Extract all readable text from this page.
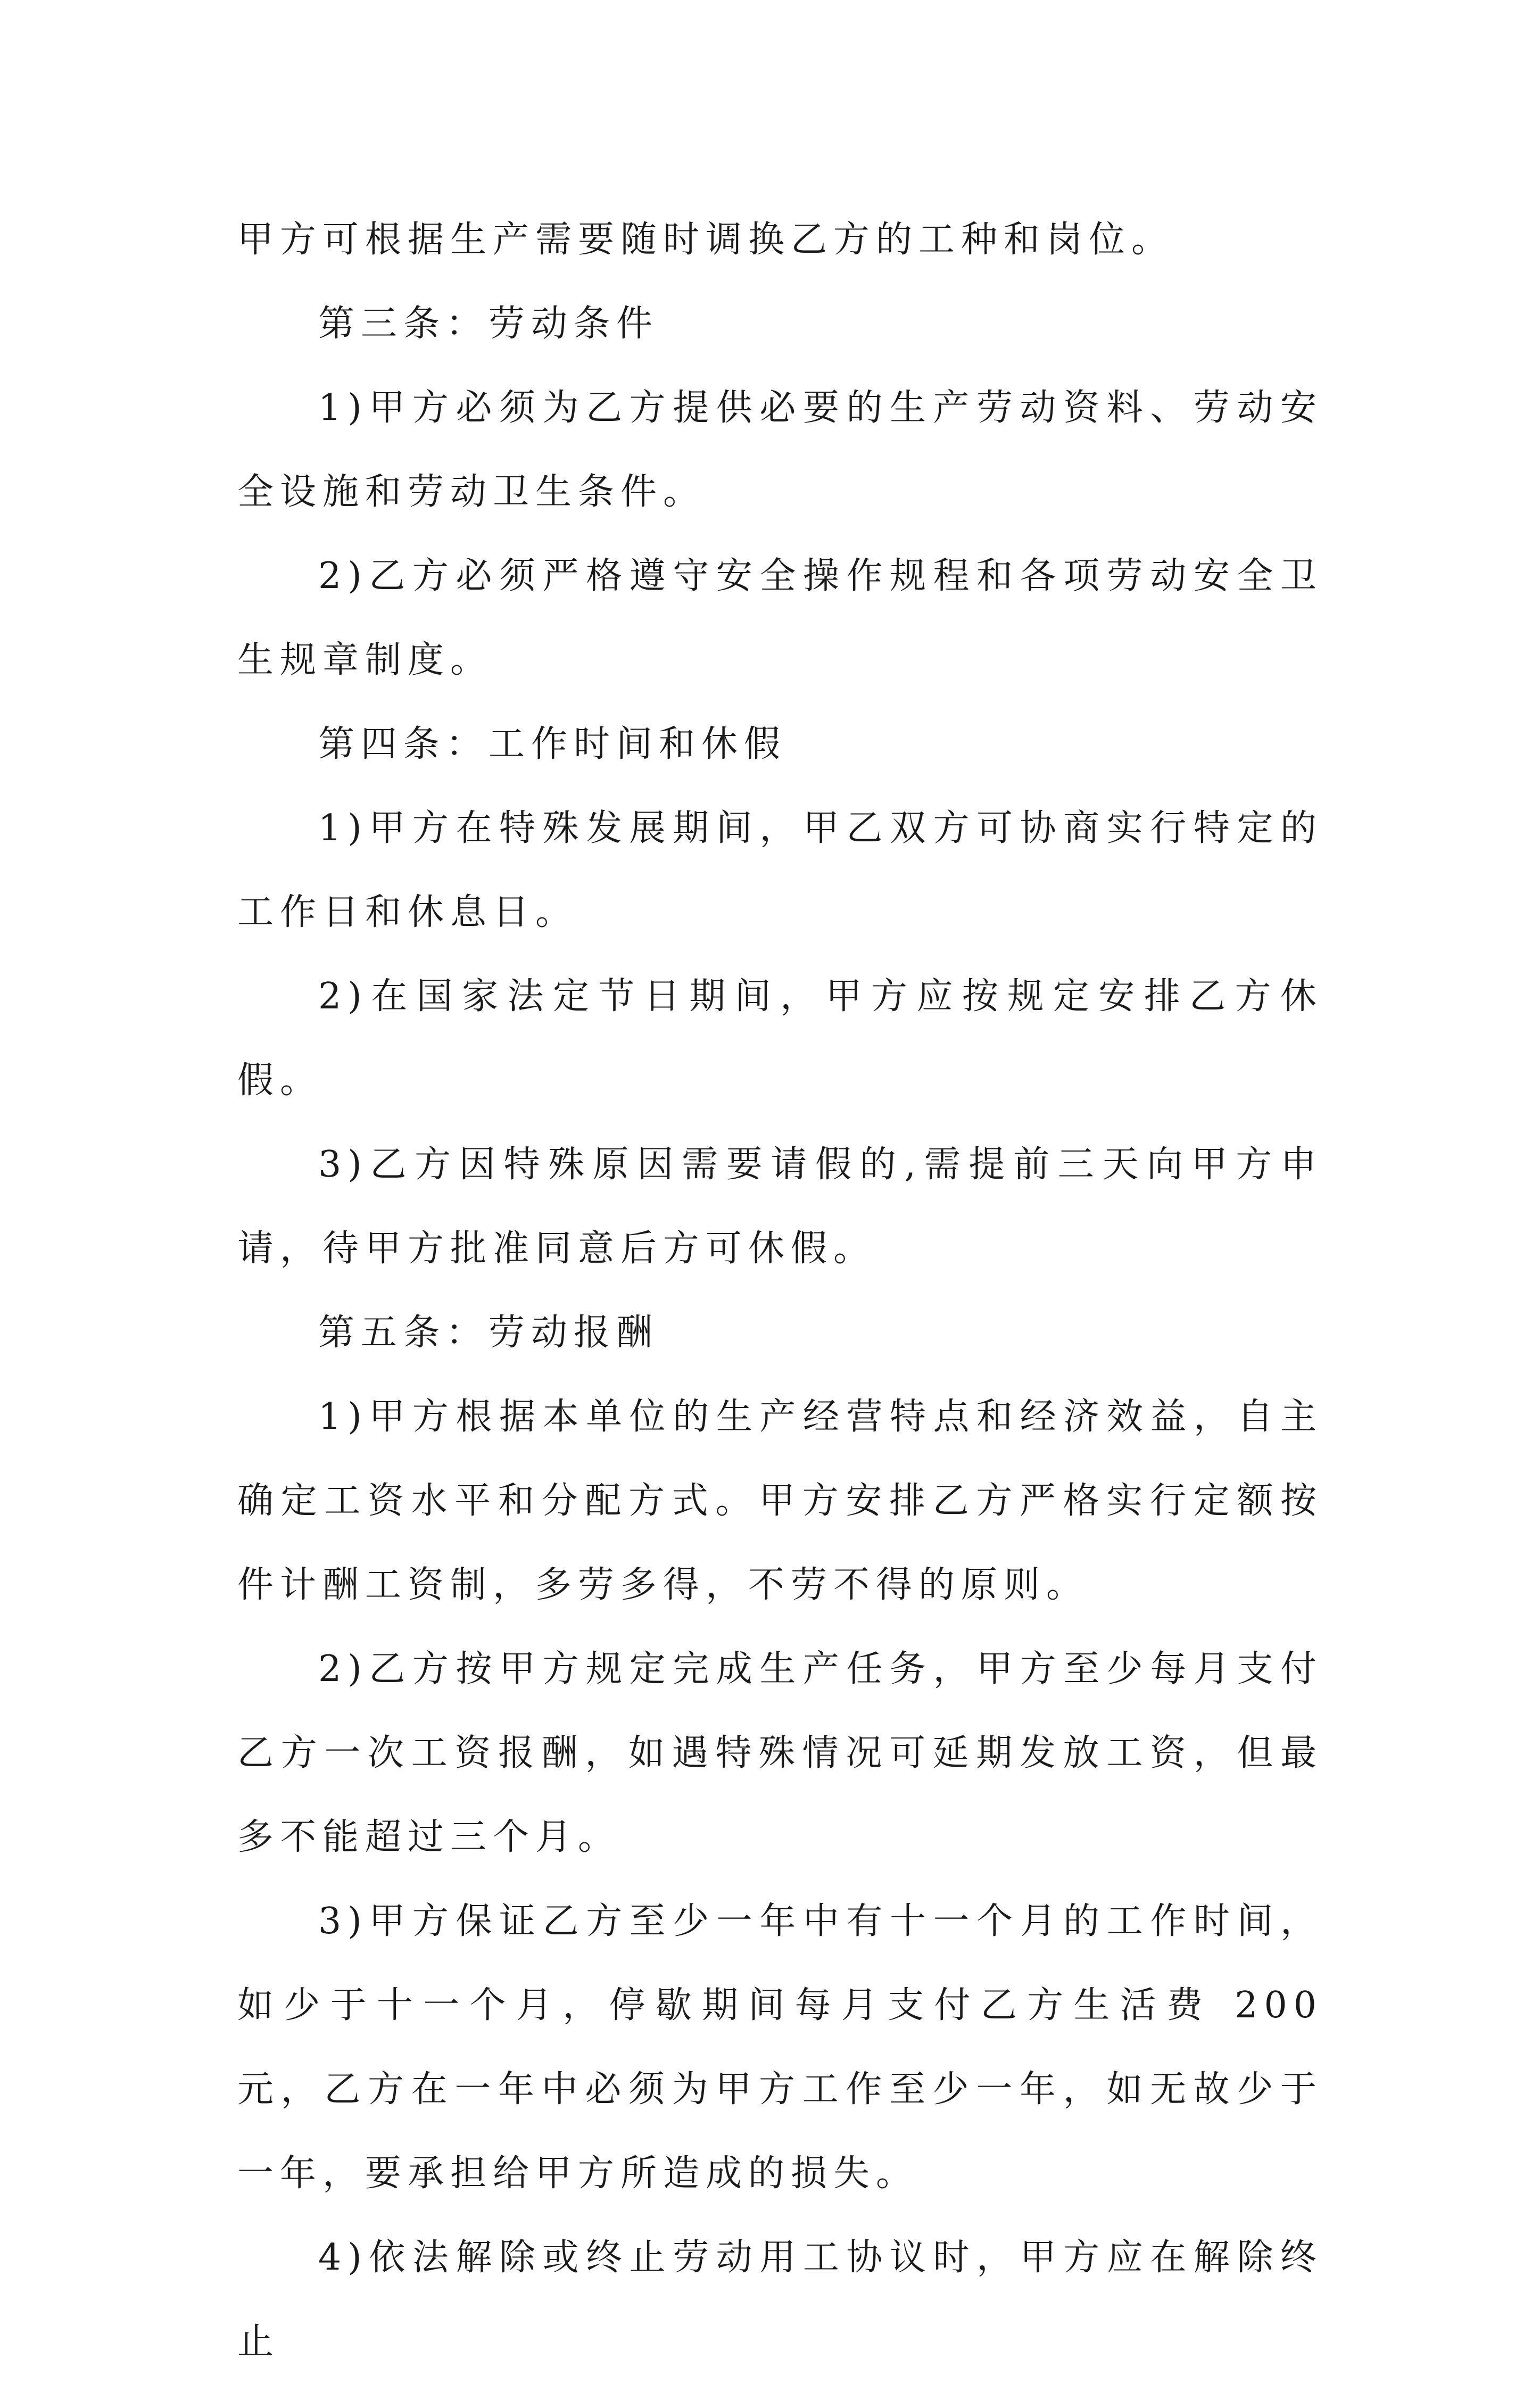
甲方可根据生产需要随时调换乙方的工种和岗位。

第三条：劳动条件

1)甲方必须为乙方提供必要的生产劳动资料、劳动安全设施和劳动卫生条件。

2)乙方必须严格遵守安全操作规程和各项劳动安全卫生规章制度。

第四条：工作时间和休假

1)甲方在特殊发展期间，甲乙双方可协商实行特定的工作日和休息日。

2)在国家法定节日期间，甲方应按规定安排乙方休假。

3)乙方因特殊原因需要请假的,需提前三天向甲方申请，待甲方批准同意后方可休假。

第五条：劳动报酬

1)甲方根据本单位的生产经营特点和经济效益，自主确定工资水平和分配方式。甲方安排乙方严格实行定额按件计酬工资制，多劳多得，不劳不得的原则。

2)乙方按甲方规定完成生产任务，甲方至少每月支付乙方一次工资报酬，如遇特殊情况可延期发放工资，但最多不能超过三个月。

3)甲方保证乙方至少一年中有十一个月的工作时间，如少于十一个月，停歇期间每月支付乙方生活费 200 元，乙方在一年中必须为甲方工作至少一年，如无故少于一年，要承担给甲方所造成的损失。

4)依法解除或终止劳动用工协议时，甲方应在解除终止
